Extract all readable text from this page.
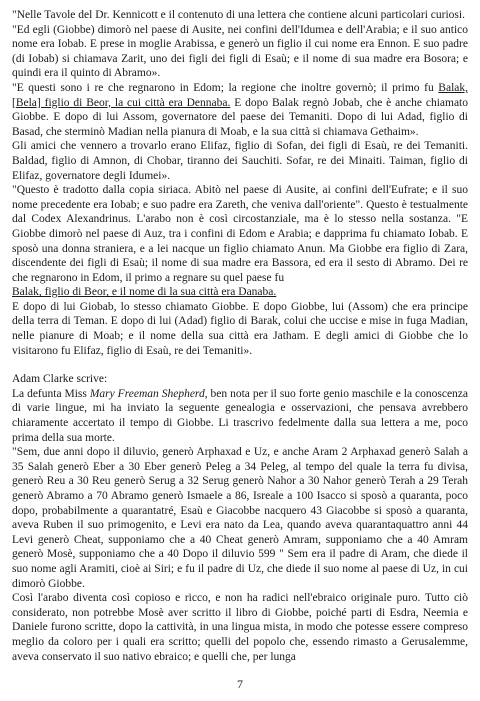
"Nelle Tavole del Dr. Kennicott e il contenuto di una lettera che contiene alcuni particolari curiosi.

"Ed egli (Giobbe) dimorò nel paese di Ausite, nei confini dell'Idumea e dell'Arabia; e il suo antico nome era Iobab. E prese in moglie Arabissa, e generò un figlio il cui nome era Ennon. E suo padre (di Iobab) si chiamava Zarit, uno dei figli dei figli di Esaù; e il nome di sua madre era Bosora; e quindi era il quinto di Abramo».

"E questi sono i re che regnarono in Edom; la regione che inoltre governò; il primo fu Balak, [Bela] figlio di Beor, la cui città era Dennaba. E dopo Balak regnò Jobab, che è anche chiamato Giobbe. E dopo di lui Assom, governatore del paese dei Temaniti. Dopo di lui Adad, figlio di Basad, che sterminò Madian nella pianura di Moab, e la sua città si chiamava Gethaim».

Gli amici che vennero a trovarlo erano Elifaz, figlio di Sofan, dei figli di Esaù, re dei Temaniti. Baldad, figlio di Amnon, di Chobar, tiranno dei Sauchiti. Sofar, re dei Minaiti. Taiman, figlio di Elifaz, governatore degli Idumei».

"Questo è tradotto dalla copia siriaca. Abitò nel paese di Ausite, ai confini dell'Eufrate; e il suo nome precedente era Iobab; e suo padre era Zareth, che veniva dall'oriente". Questo è testualmente dal Codex Alexandrinus. L'arabo non è così circostanziale, ma è lo stesso nella sostanza. "E Giobbe dimorò nel paese di Auz, tra i confini di Edom e Arabia; e dapprima fu chiamato Iobab. E sposò una donna straniera, e a lei nacque un figlio chiamato Anun. Ma Giobbe era figlio di Zara, discendente dei figli di Esaù; il nome di sua madre era Bassora, ed era il sesto di Abramo. Dei re che regnarono in Edom, il primo a regnare su quel paese fu

Balak, figlio di Beor, e il nome di la sua città era Danaba.

E dopo di lui Giobab, lo stesso chiamato Giobbe. E dopo Giobbe, lui (Assom) che era principe della terra di Teman. E dopo di lui (Adad) figlio di Barak, colui che uccise e mise in fuga Madian, nelle pianure di Moab; e il nome della sua città era Jatham. E degli amici di Giobbe che lo visitarono fu Elifaz, figlio di Esaù, re dei Temaniti».

Adam Clarke scrive:

La defunta Miss Mary Freeman Shepherd, ben nota per il suo forte genio maschile e la conoscenza di varie lingue, mi ha inviato la seguente genealogia e osservazioni, che pensava avrebbero chiaramente accertato il tempo di Giobbe. Li trascrivo fedelmente dalla sua lettera a me, poco prima della sua morte.

"Sem, due anni dopo il diluvio, generò Arphaxad e Uz, e anche Aram 2 Arphaxad generò Salah a 35 Salah generò Eber a 30 Eber generò Peleg a 34 Peleg, al tempo del quale la terra fu divisa, generò Reu a 30 Reu generò Serug a 32 Serug generò Nahor a 30 Nahor generò Terah a 29 Terah generò Abramo a 70 Abramo generò Ismaele a 86, Isreale a 100 Isacco si sposò a quaranta, poco dopo, probabilmente a quarantatré, Esaù e Giacobbe nacquero 43 Giacobbe si sposò a quaranta, aveva Ruben il suo primogenito, e Levi era nato da Lea, quando aveva quarantaquattro anni 44 Levi generò Cheat, supponiamo che a 40 Cheat generò Amram, supponiamo che a 40 Amram generò Mosè, supponiamo che a 40 Dopo il diluvio 599 " Sem era il padre di Aram, che diede il suo nome agli Aramiti, cioè ai Siri; e fu il padre di Uz, che diede il suo nome al paese di Uz, in cui dimorò Giobbe.

Così l'arabo diventa così copioso e ricco, e non ha radici nell'ebraico originale puro. Tutto ciò considerato, non potrebbe Mosè aver scritto il libro di Giobbe, poiché parti di Esdra, Neemia e Daniele furono scritte, dopo la cattività, in una lingua mista, in modo che potesse essere compreso meglio da coloro per i quali era scritto; quelli del popolo che, essendo rimasto a Gerusalemme, aveva conservato il suo nativo ebraico; e quelli che, per lunga

7
